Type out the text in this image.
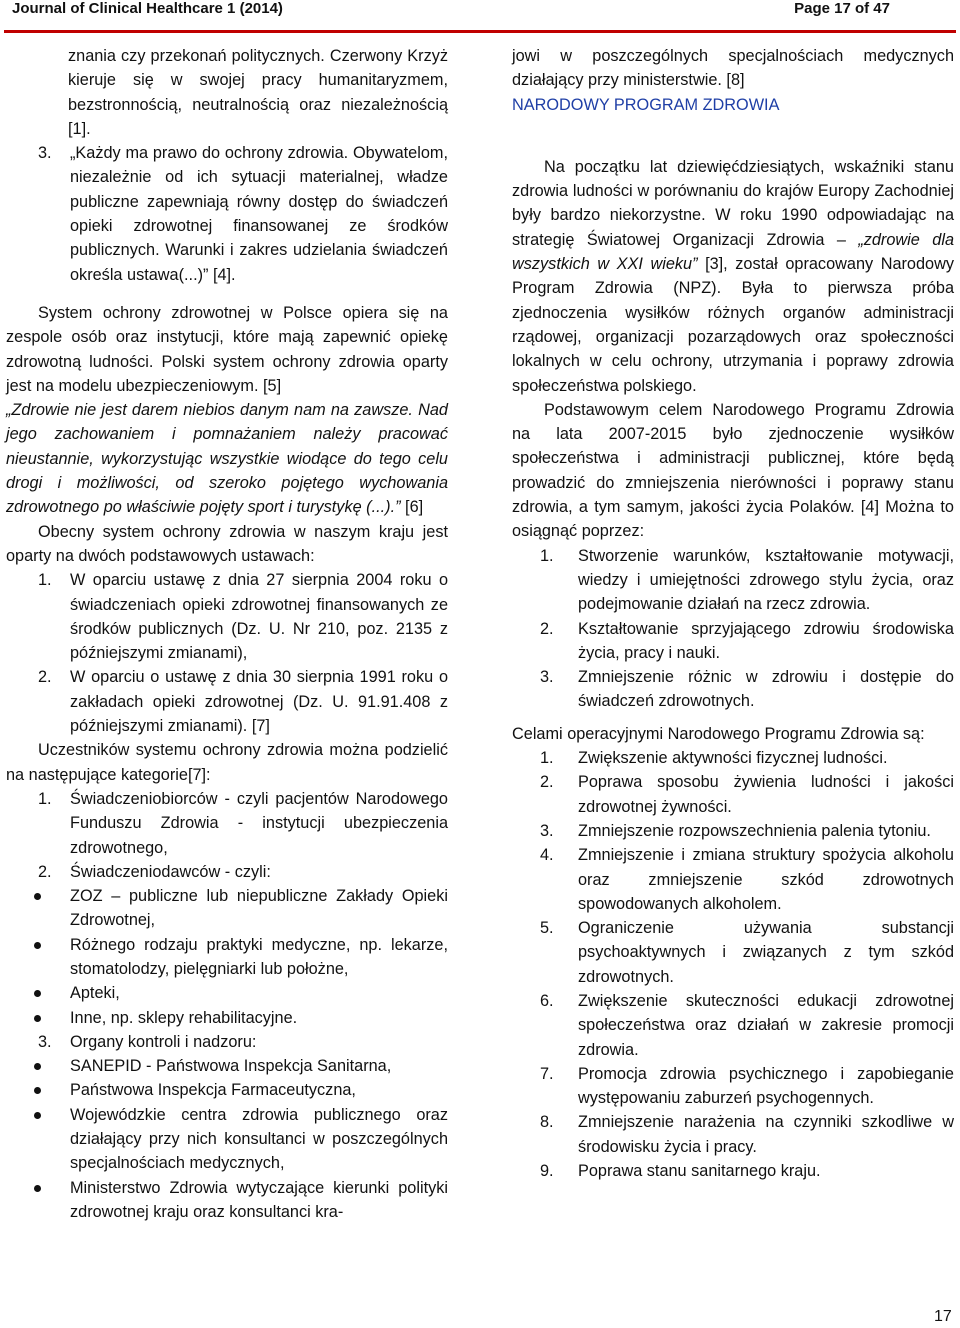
Journal of Clinical Healthcare 1 (2014)	Page 17 of 47

znania czy przekonań politycznych. Czerwony Krzyż kieruje się w swojej pracy humanitaryzmem, bezstronnością, neutralnością oraz niezależnością [1].

3. „Każdy ma prawo do ochrony zdrowia. Obywatelom, niezależnie od ich sytuacji materialnej, władze publiczne zapewniają równy dostęp do świadczeń opieki zdrowotnej finansowanej ze środków publicznych. Warunki i zakres udzielania świadczeń określa ustawa(...)” [4].

System ochrony zdrowotnej w Polsce opiera się na zespole osób oraz instytucji, które mają zapewnić opiekę zdrowotną ludności. Polski system ochrony zdrowia oparty jest na modelu ubezpieczeniowym. [5]

„Zdrowie nie jest darem niebios danym nam na zawsze. Nad jego zachowaniem i pomnażaniem należy pracować nieustannie, wykorzystując wszystkie wiodące do tego celu drogi i możliwości, od szeroko pojętego wychowania zdrowotnego po właściwie pojęty sport i turystykę (...).” [6]

Obecny system ochrony zdrowia w naszym kraju jest oparty na dwóch podstawowych ustawach:

1. W oparciu ustawę z dnia 27 sierpnia 2004 roku o świadczeniach opieki zdrowotnej finansowanych ze środków publicznych (Dz. U. Nr 210, poz. 2135 z późniejszymi zmianami),
2. W oparciu o ustawę z dnia 30 sierpnia 1991 roku o zakładach opieki zdrowotnej (Dz. U. 91.91.408 z późniejszymi zmianami). [7]

Uczestników systemu ochrony zdrowia można podzielić na następujące kategorie[7]:

1. Świadczeniobiorców - czyli pacjentów Narodowego Funduszu Zdrowia - instytucji ubezpieczenia zdrowotnego,
2. Świadczeniodawców - czyli:
ZOZ – publiczne lub niepubliczne Zakłady Opieki Zdrowotnej,
Różnego rodzaju praktyki medyczne, np. lekarze, stomatolodzy, pielęgniarki lub położne,
Apteki,
Inne, np. sklepy rehabilitacyjne.
3. Organy kontroli i nadzoru:
SANEPID - Państwowa Inspekcja Sanitarna,
Państwowa Inspekcja Farmaceutyczna,
Wojewódzkie centra zdrowia publicznego oraz działający przy nich konsultanci w poszczególnych specjalnościach medycznych,
Ministerstwo Zdrowia wytyczające kierunki polityki zdrowotnej kraju oraz konsultanci kra-

jowi w poszczególnych specjalnościach medycznych działający przy ministerstwie. [8]

NARODOWY PROGRAM ZDROWIA

Na początku lat dziewięćdziesiątych, wskaźniki stanu zdrowia ludności w porównaniu do krajów Europy Zachodniej były bardzo niekorzystne. W roku 1990 odpowiadając na strategię Światowej Organizacji Zdrowia – „zdrowie dla wszystkich w XXI wieku” [3], został opracowany Narodowy Program Zdrowia (NPZ). Była to pierwsza próba zjednoczenia wysiłków różnych organów administracji rządowej, organizacji pozarządowych oraz społeczności lokalnych w celu ochrony, utrzymania i poprawy zdrowia społeczeństwa polskiego.

Podstawowym celem Narodowego Programu Zdrowia na lata 2007-2015 było zjednoczenie wysiłków społeczeństwa i administracji publicznej, które będą prowadzić do zmniejszenia nierówności i poprawy stanu zdrowia, a tym samym, jakości życia Polaków. [4] Można to osiągnąć poprzez:

1. Stworzenie warunków, kształtowanie motywacji, wiedzy i umiejętności zdrowego stylu życia, oraz podejmowanie działań na rzecz zdrowia.
2. Kształtowanie sprzyjającego zdrowiu środowiska życia, pracy i nauki.
3. Zmniejszenie różnic w zdrowiu i dostępie do świadczeń zdrowotnych.

Celami operacyjnymi Narodowego Programu Zdrowia są:

1. Zwiększenie aktywności fizycznej ludności.
2. Poprawa sposobu żywienia ludności i jakości zdrowotnej żywności.
3. Zmniejszenie rozpowszechnienia palenia tytoniu.
4. Zmniejszenie i zmiana struktury spożycia alkoholu oraz zmniejszenie szkód zdrowotnych spowodowanych alkoholem.
5. Ograniczenie używania substancji psychoaktywnych i związanych z tym szkód zdrowotnych.
6. Zwiększenie skuteczności edukacji zdrowotnej społeczeństwa oraz działań w zakresie promocji zdrowia.
7. Promocja zdrowia psychicznego i zapobieganie występowaniu zaburzeń psychogennych.
8. Zmniejszenie narażenia na czynniki szkodliwe w środowisku życia i pracy.
9. Poprawa stanu sanitarnego kraju.
17
